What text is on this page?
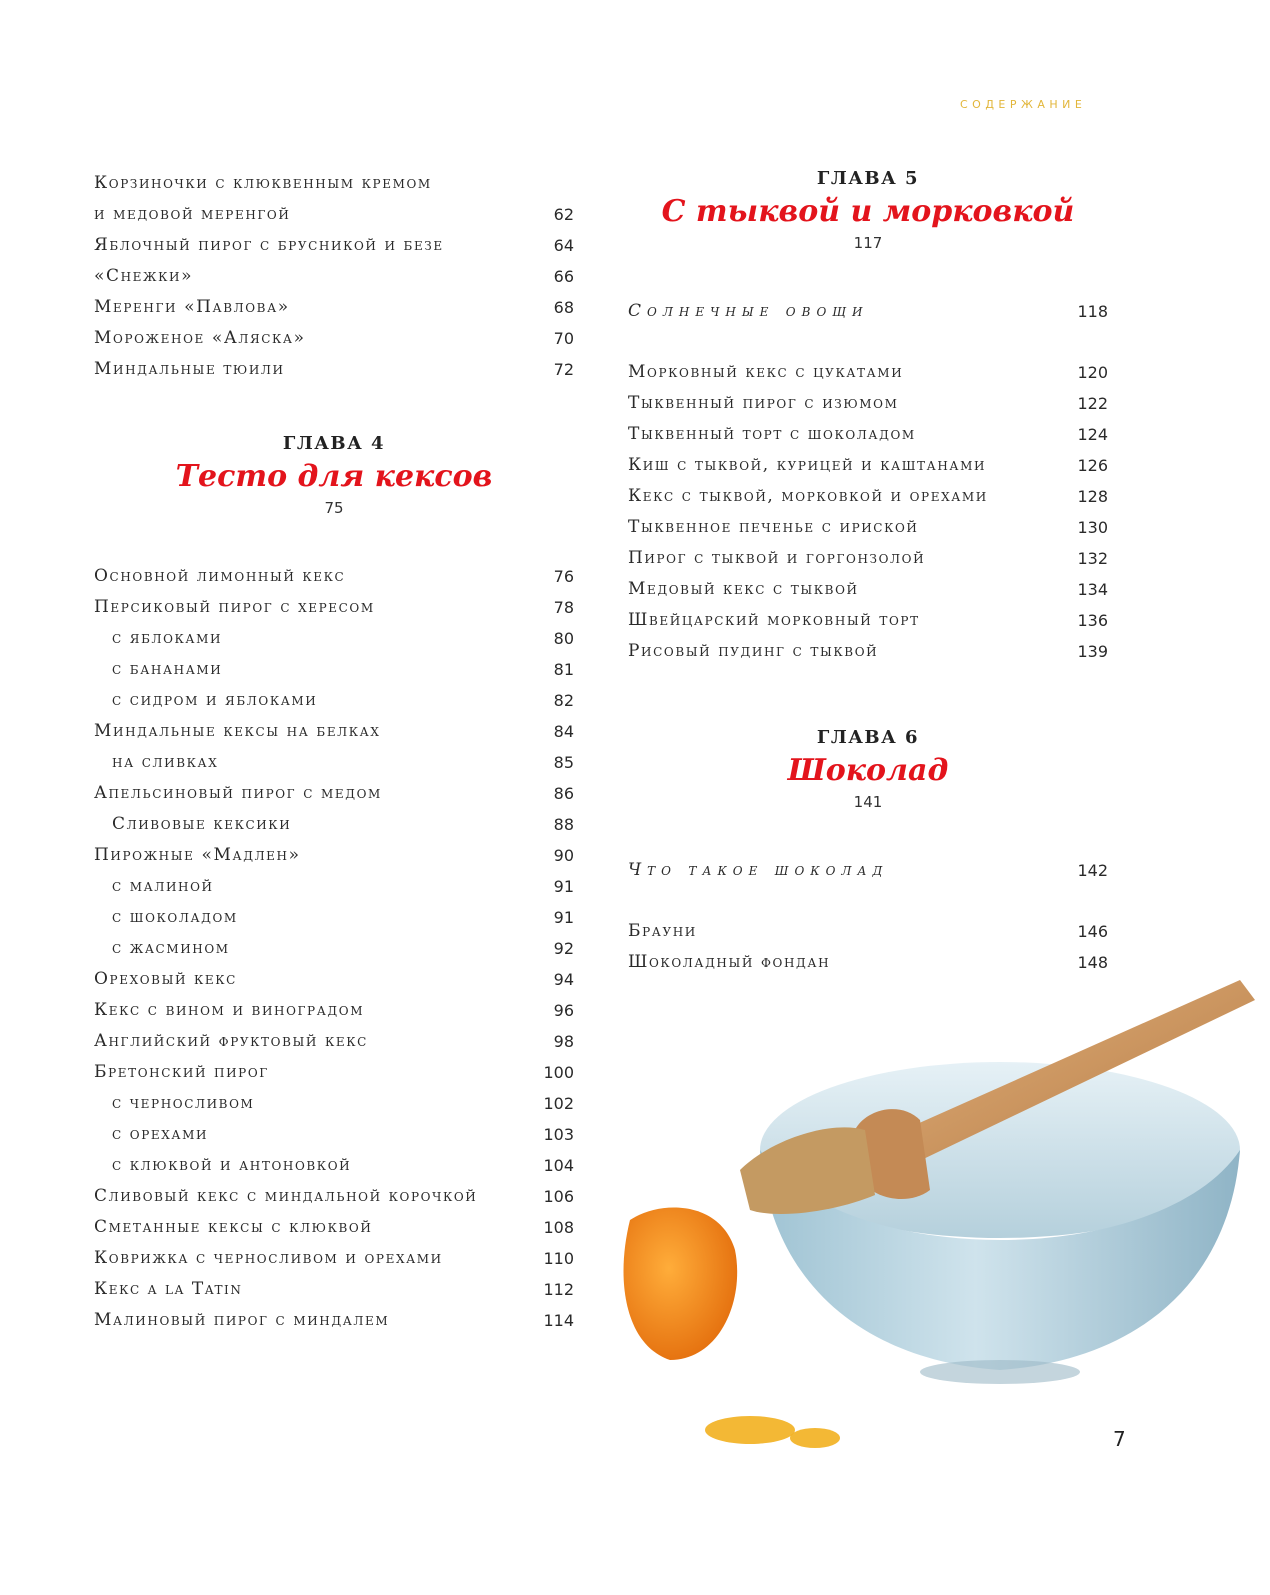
СОДЕРЖАНИЕ
Корзиночки с клюквенным кремом
и медовой меренгой	62
Яблочный пирог с брусникой и безе	64
«Снежки»	66
Меренги «Павлова»	68
Мороженое «Аляска»	70
Миндальные тюили	72
ГЛАВА 4
Тесто для кексов
75
Основной лимонный кекс	76
Персиковый пирог с хересом	78
с яблоками	80
с бананами	81
с сидром и яблоками	82
Миндальные кексы на белках	84
на сливках	85
Апельсиновый пирог с медом	86
Сливовые кексики	88
Пирожные «Мадлен»	90
с малиной	91
с шоколадом	91
с жасмином	92
Ореховый кекс	94
Кекс с вином и виноградом	96
Английский фруктовый кекс	98
Бретонский пирог	100
с черносливом	102
с орехами	103
с клюквой и антоновкой	104
Сливовый кекс с миндальной корочкой	106
Сметанные кексы с клюквой	108
Коврижка с черносливом и орехами	110
Кекс a la Tatin	112
Малиновый пирог с миндалем	114
ГЛАВА 5
С тыквой и морковкой
117
Солнечные овощи	118
Морковный кекс с цукатами	120
Тыквенный пирог с изюмом	122
Тыквенный торт с шоколадом	124
Киш с тыквой, курицей и каштанами	126
Кекс с тыквой, морковкой и орехами	128
Тыквенное печенье с ириской	130
Пирог с тыквой и горгонзолой	132
Медовый кекс с тыквой	134
Швейцарский морковный торт	136
Рисовый пудинг с тыквой	139
ГЛАВА 6
Шоколад
141
Что такое шоколад	142
Брауни	146
Шоколадный фондан	148
7
